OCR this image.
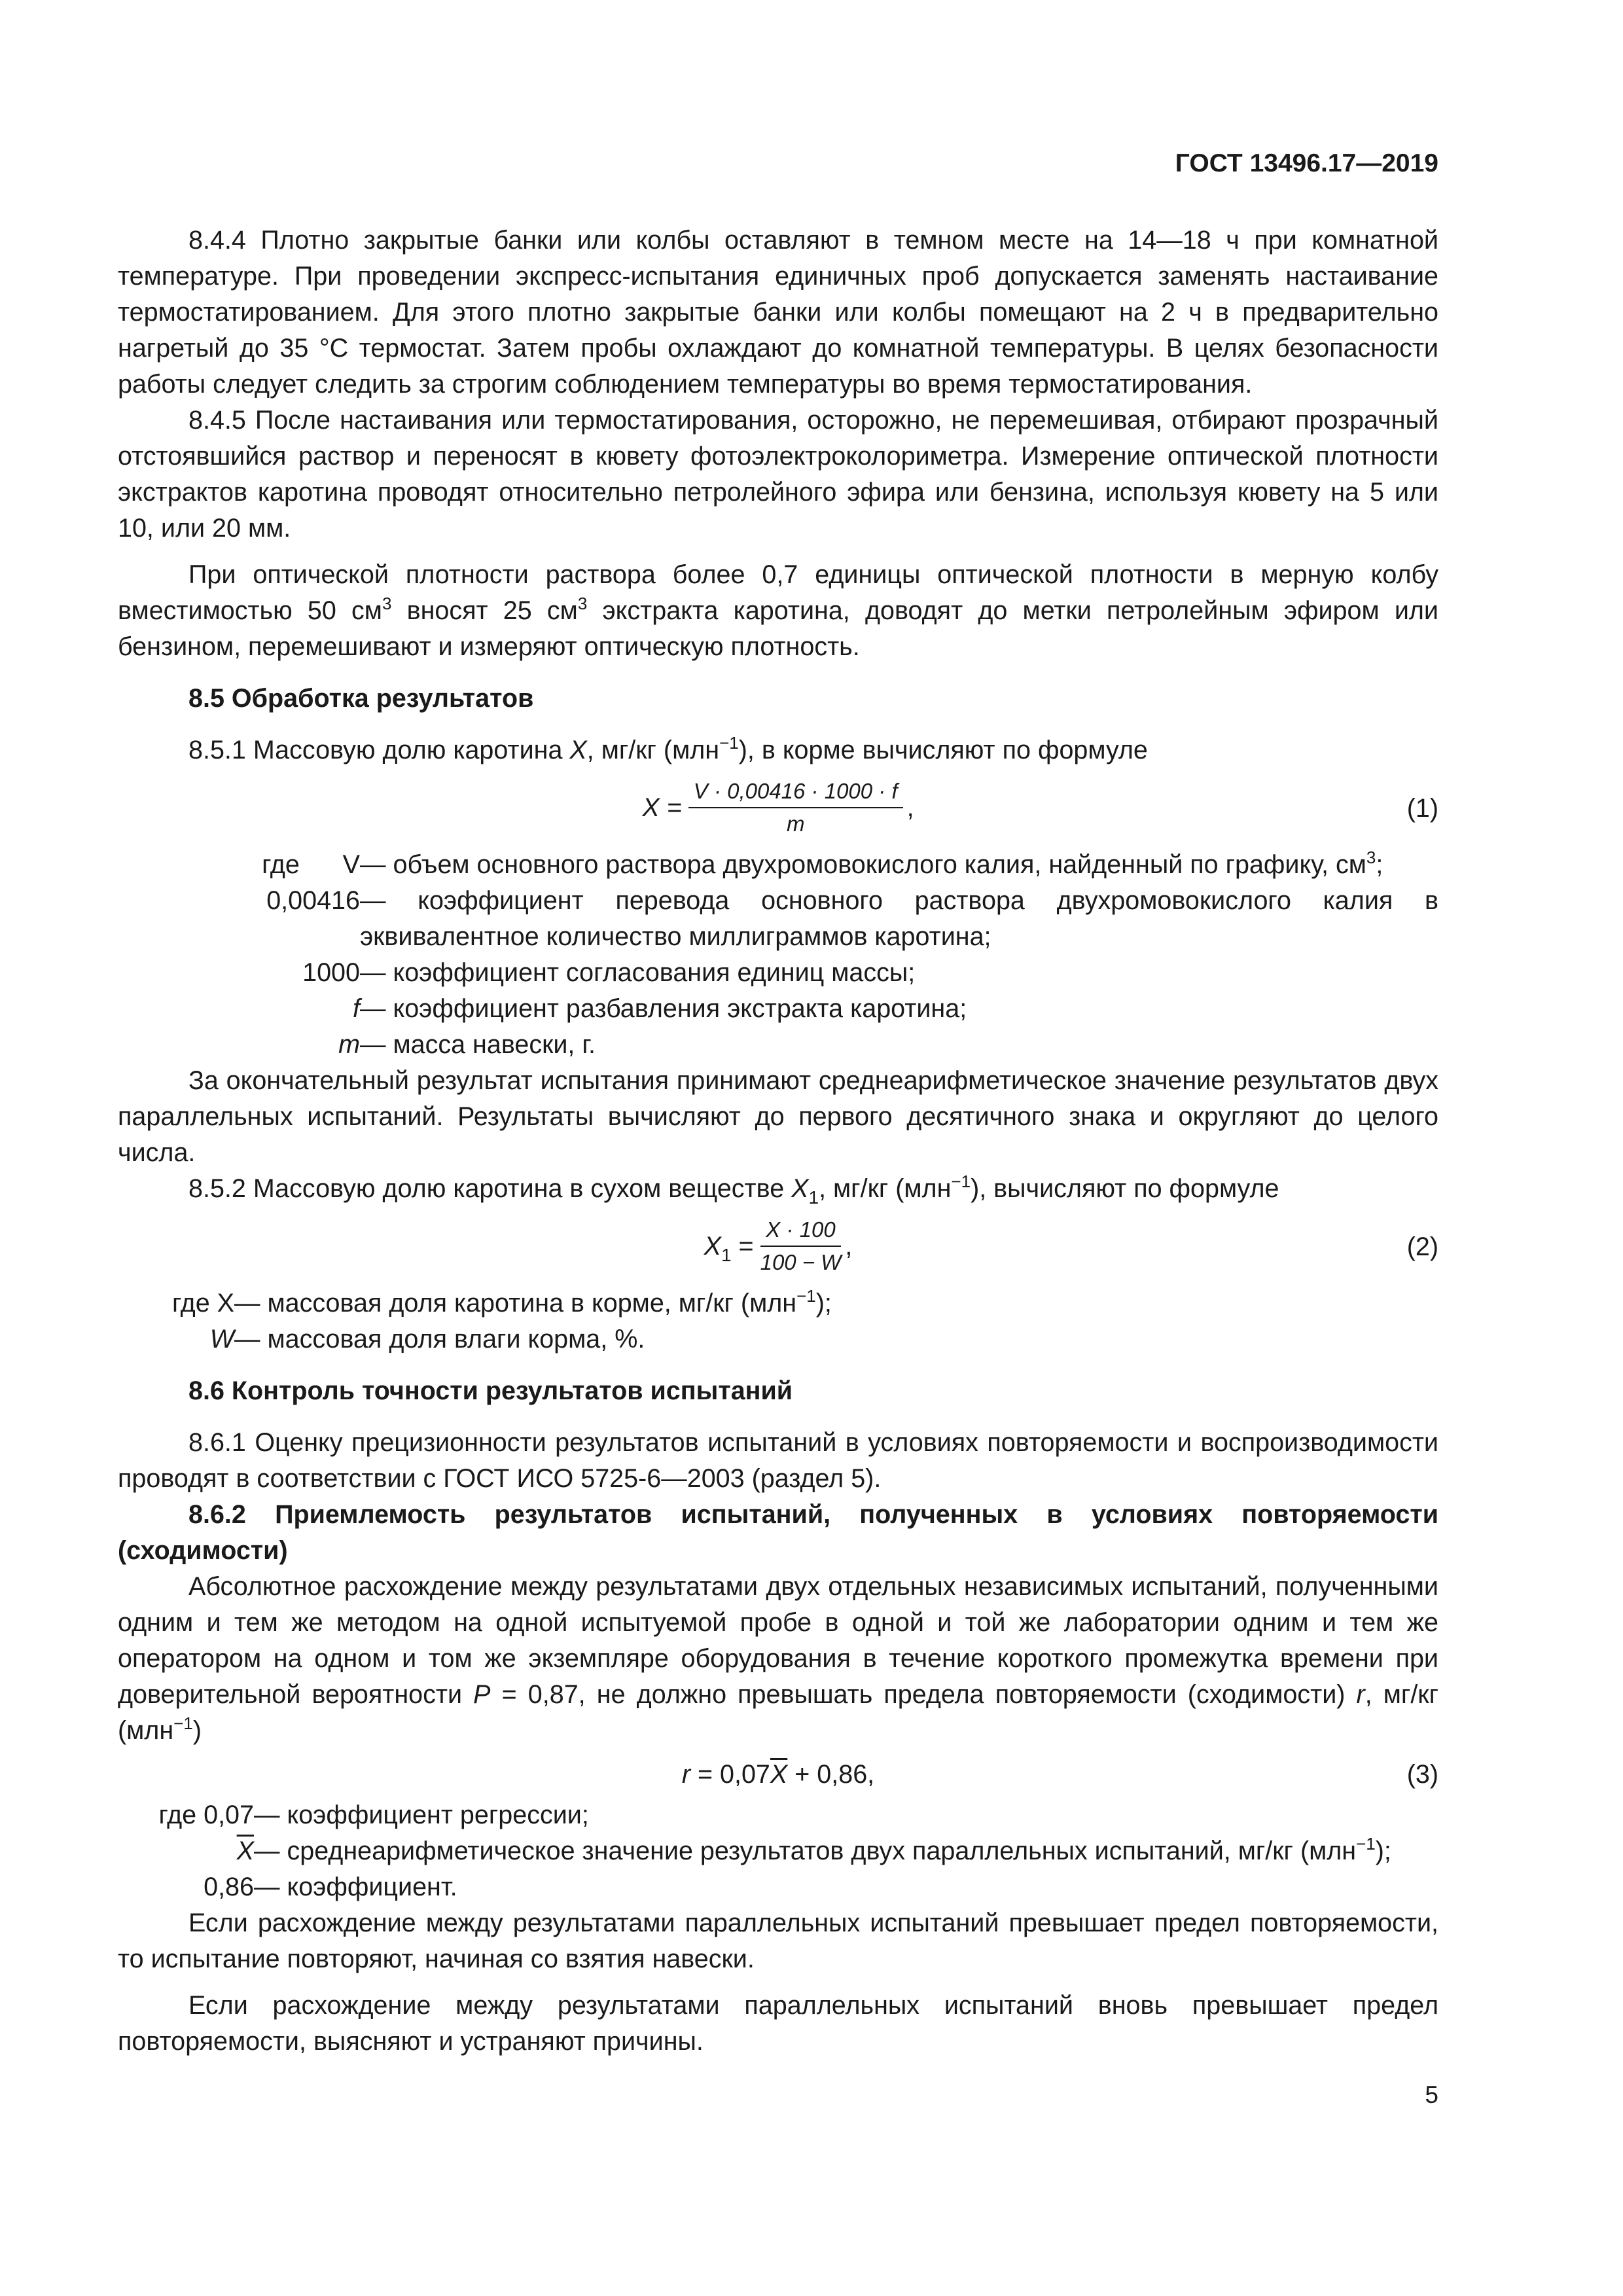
ГОСТ 13496.17—2019

8.4.4 Плотно закрытые банки или колбы оставляют в темном месте на 14—18 ч при комнатной температуре. При проведении экспресс-испытания единичных проб допускается заменять настаивание термостатированием. Для этого плотно закрытые банки или колбы помещают на 2 ч в предварительно нагретый до 35 °С термостат. Затем пробы охлаждают до комнатной температуры. В целях безопасности работы следует следить за строгим соблюдением температуры во время термостатирования.

8.4.5 После настаивания или термостатирования, осторожно, не перемешивая, отбирают прозрачный отстоявшийся раствор и переносят в кювету фотоэлектроколориметра. Измерение оптической плотности экстрактов каротина проводят относительно петролейного эфира или бензина, используя кювету на 5 или 10, или 20 мм.

При оптической плотности раствора более 0,7 единицы оптической плотности в мерную колбу вместимостью 50 $см^3$ вносят 25 $см^3$ экстракта каротина, доводят до метки петролейным эфиром или бензином, перемешивают и измеряют оптическую плотность.

8.5 Обработка результатов

8.5.1 Массовую долю каротина X, мг/кг (млн$^{-1}$), в корме вычисляют по формуле

$X = \frac{V \cdot 0,00416 \cdot 1000 \cdot f}{m}$ ,	(1)
где      V — объем основного раствора двухромовокислого калия, найденный по графику, $см^3$;
0,00416 — коэффициент перевода основного раствора двухромовокислого калия в эквивалентное количество миллиграммов каротина;
1000 — коэффициент согласования единиц массы;
f — коэффициент разбавления экстракта каротина;
m — масса навески, г.

За окончательный результат испытания принимают среднеарифметическое значение результатов двух параллельных испытаний. Результаты вычисляют до первого десятичного знака и округляют до целого числа.

8.5.2 Массовую долю каротина в сухом веществе $X_1$, мг/кг (млн$^{-1}$), вычисляют по формуле

$X_1 = \frac{X \cdot 100}{100 - W}$ ,	(2)
где X — массовая доля каротина в корме, мг/кг (млн$^{-1}$);
W — массовая доля влаги корма, %.
8.6 Контроль точности результатов испытаний

8.6.1 Оценку прецизионности результатов испытаний в условиях повторяемости и воспроизводимости проводят в соответствии с ГОСТ ИСО 5725-6—2003 (раздел 5).

8.6.2 Приемлемость результатов испытаний, полученных в условиях повторяемости (сходимости)

Абсолютное расхождение между результатами двух отдельных независимых испытаний, полученными одним и тем же методом на одной испытуемой пробе в одной и той же лаборатории одним и тем же оператором на одном и том же экземпляре оборудования в течение короткого промежутка времени при доверительной вероятности P = 0,87, не должно превышать предела повторяемости (сходимости) r, мг/кг (млн$^{-1}$)

$r = 0,07\overline{X} + 0,86$,	(3)
где 0,07 — коэффициент регрессии;
$\overline{X}$ — среднеарифметическое значение результатов двух параллельных испытаний, мг/кг (млн$^{-1}$);
0,86 — коэффициент.

Если расхождение между результатами параллельных испытаний превышает предел повторяемости, то испытание повторяют, начиная со взятия навески.

Если расхождение между результатами параллельных испытаний вновь превышает предел повторяемости, выясняют и устраняют причины.

5
